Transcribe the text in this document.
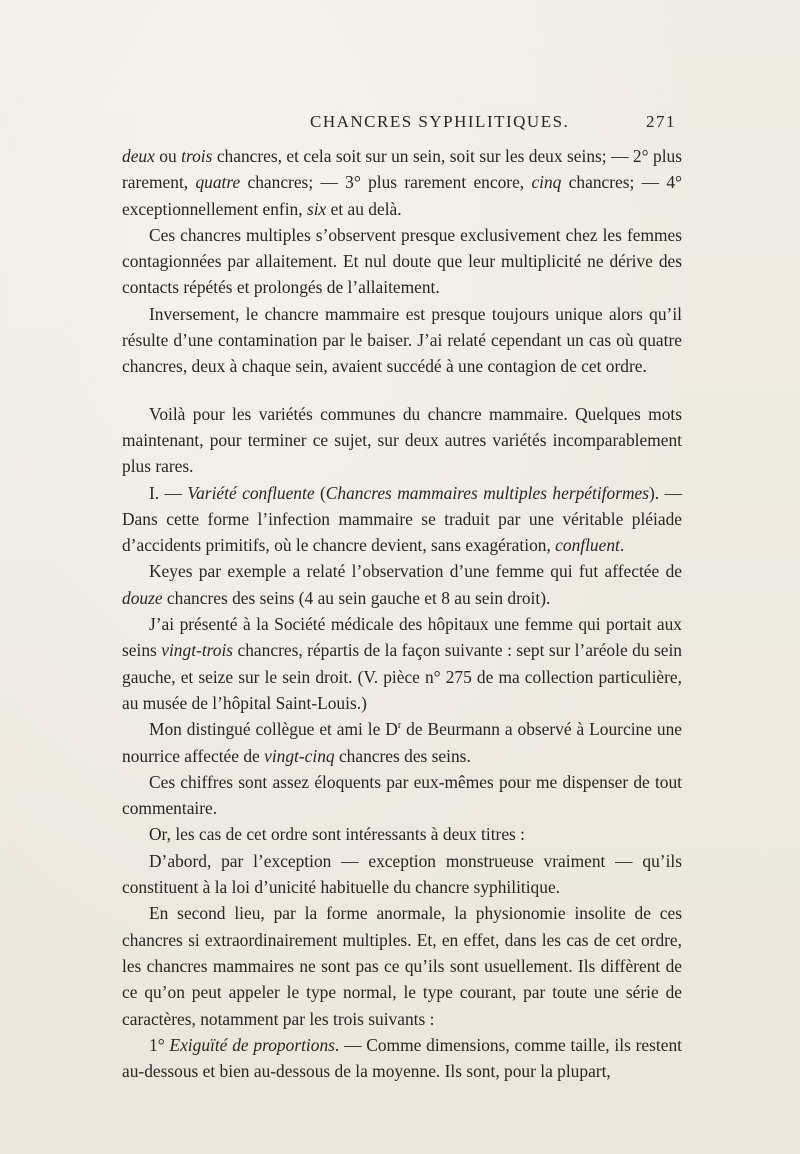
CHANCRES SYPHILITIQUES.	271

deux ou trois chancres, et cela soit sur un sein, soit sur les deux seins; — 2° plus rarement, quatre chancres; — 3° plus rarement encore, cinq chancres; — 4° exceptionnellement enfin, six et au delà.

Ces chancres multiples s’observent presque exclusivement chez les femmes contagionnées par allaitement. Et nul doute que leur multiplicité ne dérive des contacts répétés et prolongés de l’allaitement.

Inversement, le chancre mammaire est presque toujours unique alors qu’il résulte d’une contamination par le baiser. J’ai relaté cependant un cas où quatre chancres, deux à chaque sein, avaient succédé à une contagion de cet ordre.

Voilà pour les variétés communes du chancre mammaire. Quelques mots maintenant, pour terminer ce sujet, sur deux autres variétés incomparablement plus rares.

I. — Variété confluente (Chancres mammaires multiples herpétiformes). — Dans cette forme l’infection mammaire se traduit par une véritable pléiade d’accidents primitifs, où le chancre devient, sans exagération, confluent.

Keyes par exemple a relaté l’observation d’une femme qui fut affectée de douze chancres des seins (4 au sein gauche et 8 au sein droit).

J’ai présenté à la Société médicale des hôpitaux une femme qui portait aux seins vingt-trois chancres, répartis de la façon suivante : sept sur l’aréole du sein gauche, et seize sur le sein droit. (V. pièce n° 275 de ma collection particulière, au musée de l’hôpital Saint-Louis.)

Mon distingué collègue et ami le $D^r$ de Beurmann a observé à Lourcine une nourrice affectée de vingt-cinq chancres des seins.

Ces chiffres sont assez éloquents par eux-mêmes pour me dispenser de tout commentaire.

Or, les cas de cet ordre sont intéressants à deux titres :

D’abord, par l’exception — exception monstrueuse vraiment — qu’ils constituent à la loi d’unicité habituelle du chancre syphilitique.

En second lieu, par la forme anormale, la physionomie insolite de ces chancres si extraordinairement multiples. Et, en effet, dans les cas de cet ordre, les chancres mammaires ne sont pas ce qu’ils sont usuellement. Ils diffèrent de ce qu’on peut appeler le type normal, le type courant, par toute une série de caractères, notamment par les trois suivants :

1° Exiguïté de proportions. — Comme dimensions, comme taille, ils restent au-dessous et bien au-dessous de la moyenne. Ils sont, pour la plupart,
